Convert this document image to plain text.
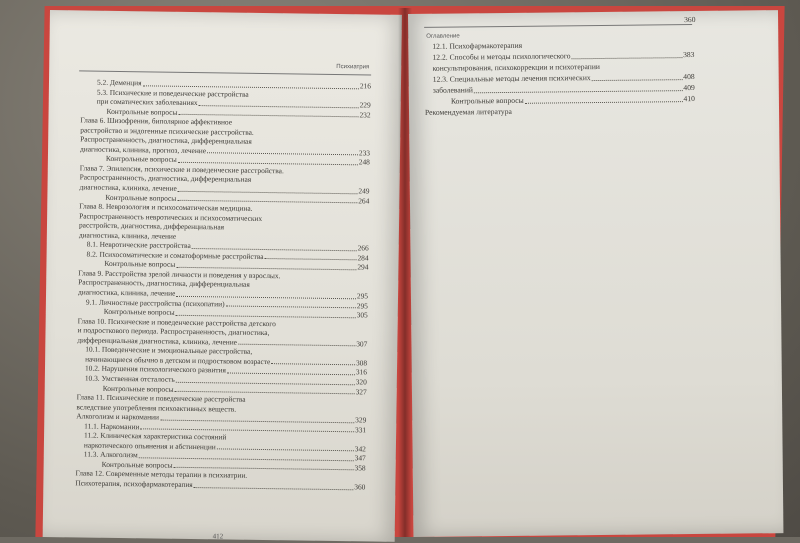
Психиатрия
5.2. Деменция	216
5.3. Психические и поведенческие расстройства
при соматических заболеваниях	229
Контрольные вопросы	232
Глава 6. Шизофрения, биполярное аффективное
расстройство и эндогенные психические расстройства.
Распространенность, диагностика, дифференциальная
диагностика, клиника, прогноз, лечение	233
Контрольные вопросы	248
Глава 7. Эпилепсия, психические и поведенческие расстройства.
Распространенность, диагностика, дифференциальная
диагностика, клиника, лечение	249
Контрольные вопросы	264
Глава 8. Неврозология и психосоматическая медицина.
Распространенность невротических и психосоматических
расстройств, диагностика, дифференциальная
диагностика, клиника, лечение
8.1. Невротические расстройства	266
8.2. Психосоматические и соматоформные расстройства	284
Контрольные вопросы	294
Глава 9. Расстройства зрелой личности и поведения у взрослых.
Распространенность, диагностика, дифференциальная
диагностика, клиника, лечение	295
9.1. Личностные расстройства (психопатии)	295
Контрольные вопросы	305
Глава 10. Психические и поведенческие расстройства детского
и подросткового периода. Распространенность, диагностика,
дифференциальная диагностика, клиника, лечение	307
10.1. Поведенческие и эмоциональные расстройства,
начинающиеся обычно в детском и подростковом возрасте	308
10.2. Нарушения психологического развития	316
10.3. Умственная отсталость	320
Контрольные вопросы	327
Глава 11. Психические и поведенческие расстройства
вследствие употребления психоактивных веществ.
Алкоголизм и наркомании	329
11.1. Наркомании	331
11.2. Клиническая характеристика состояний
наркотического опьянения и абстиненции	342
11.3. Алкоголизм	347
Контрольные вопросы	358
Глава 12. Современные методы терапии в психиатрии.
Психотерапия, психофармакотерапия	360
412
Оглавление
360
12.1. Психофармакотерапия
12.2. Способы и методы психологического	383
консультирования, психокоррекции и психотерапии
12.3. Специальные методы лечения психических	408
заболеваний	409
Контрольные вопросы	410
Рекомендуемая литература
